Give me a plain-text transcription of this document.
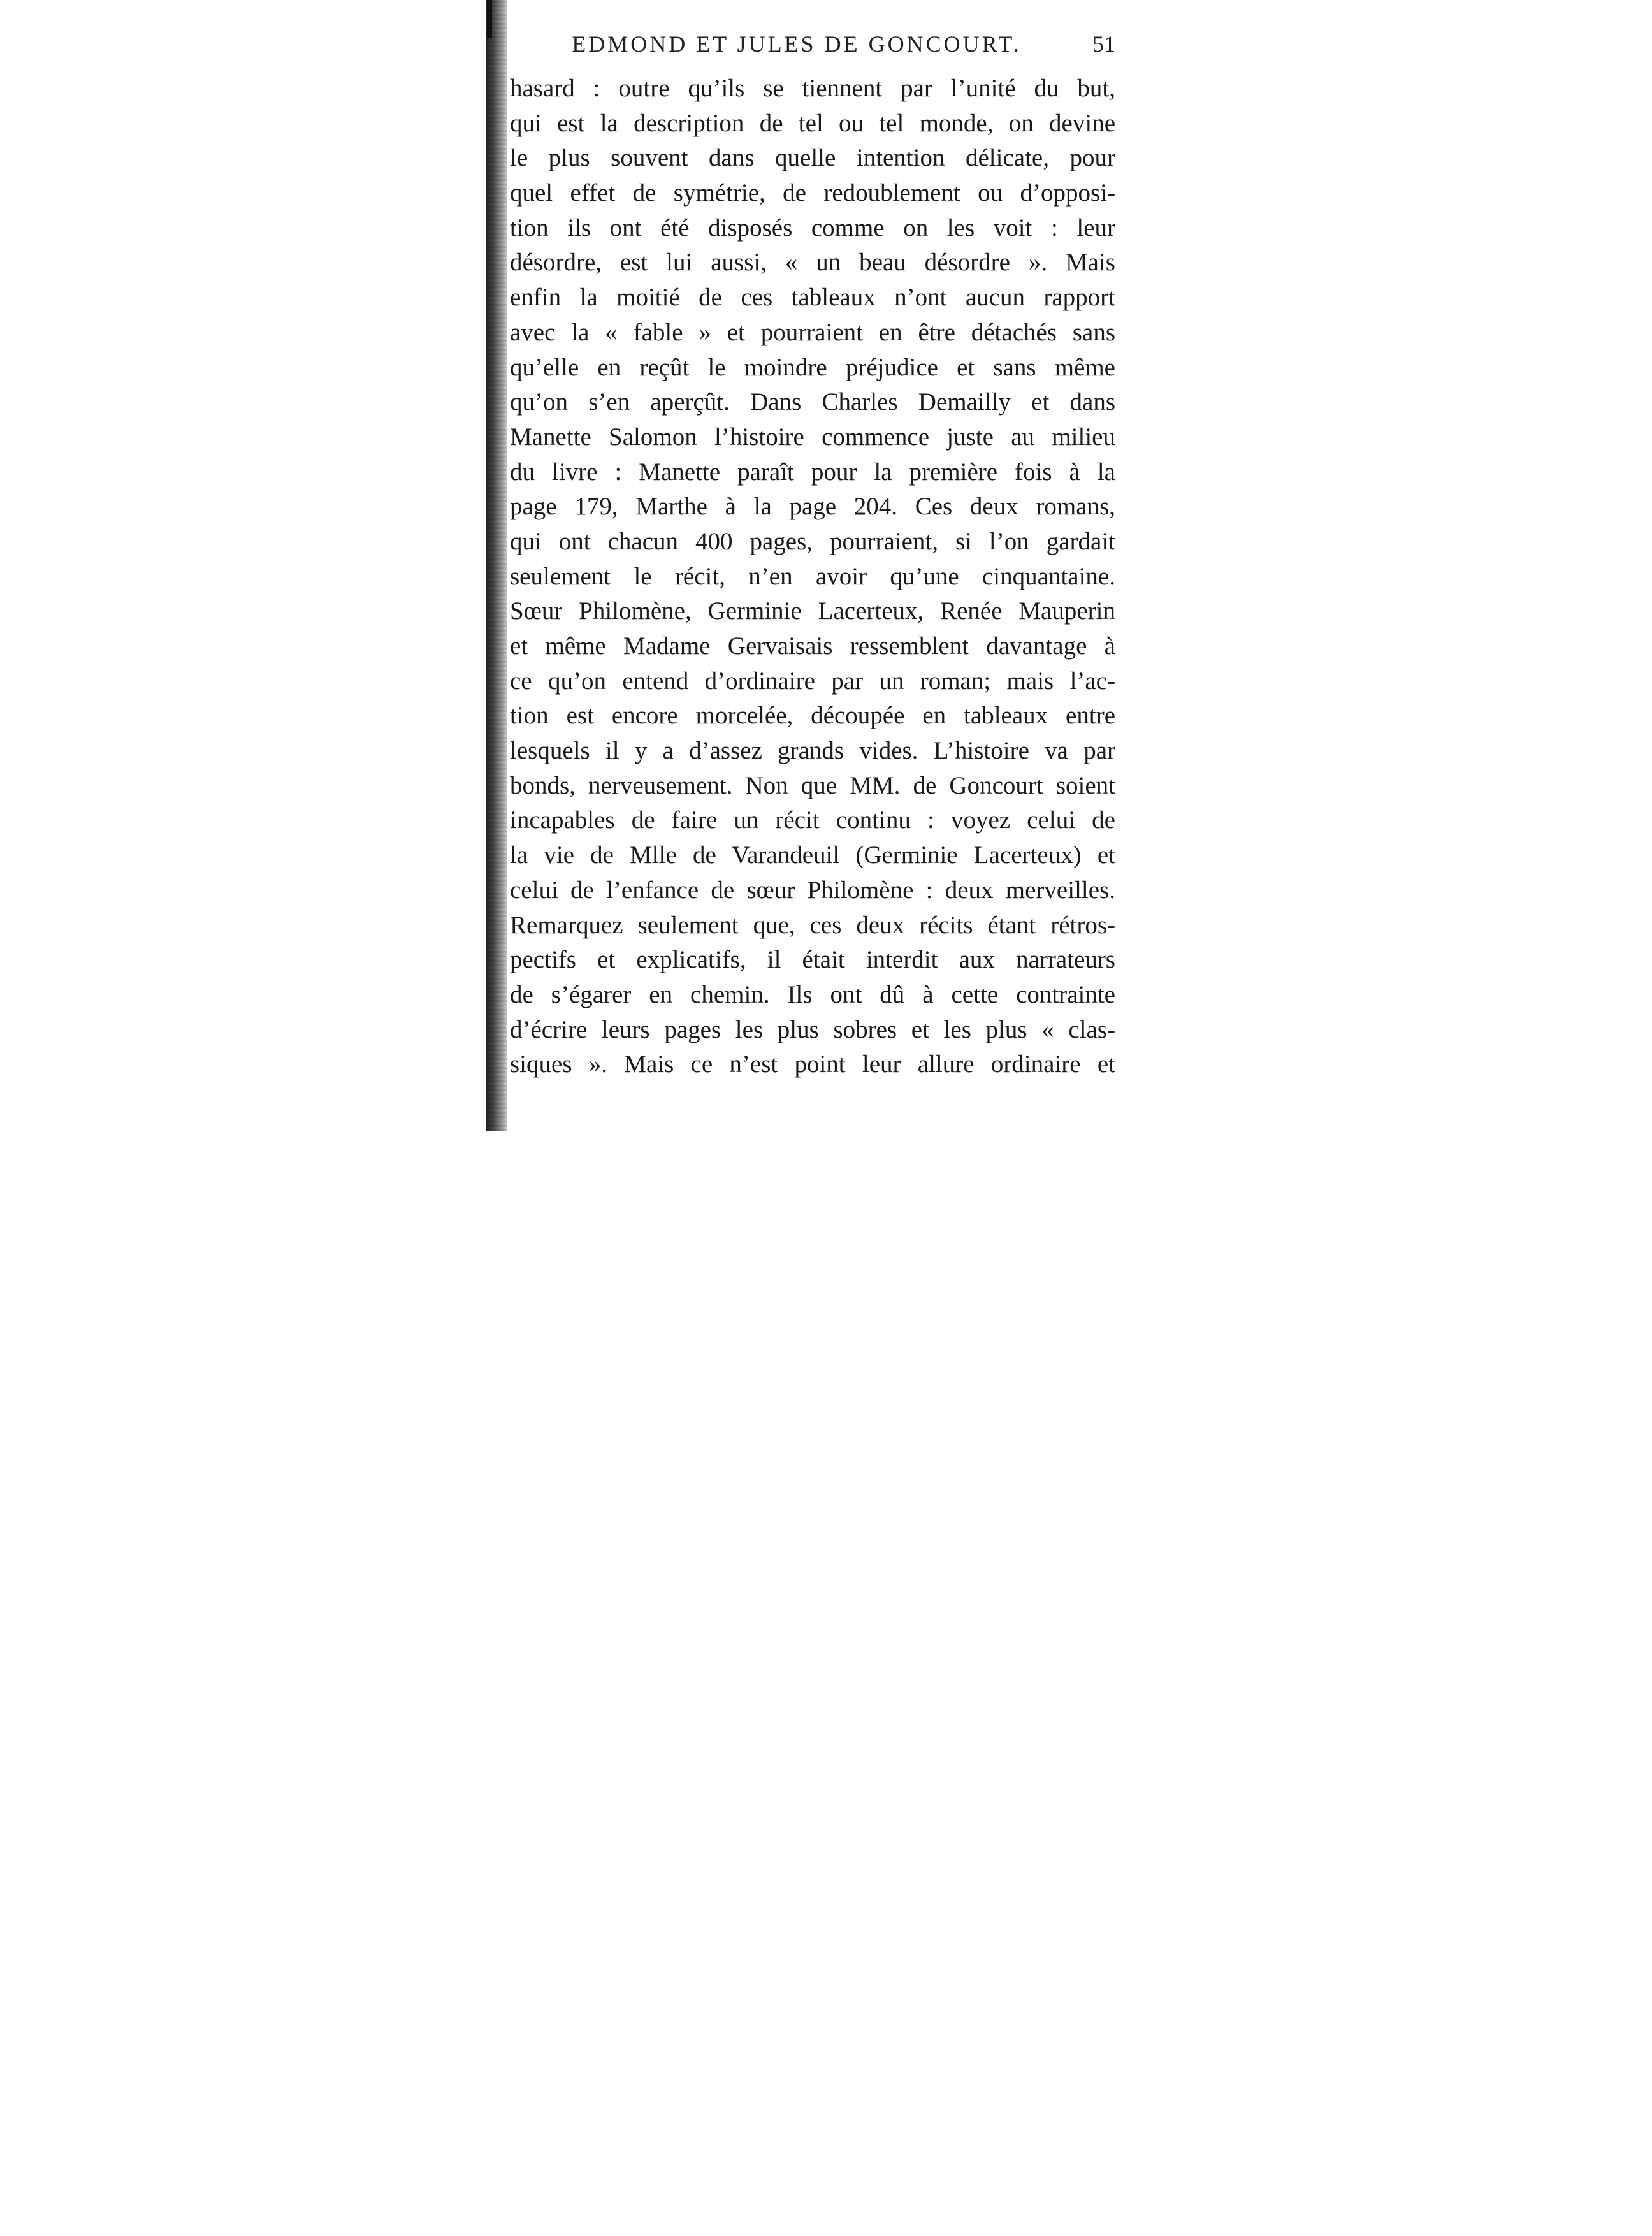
EDMOND ET JULES DE GONCOURT.	51
hasard : outre qu’ils se tiennent par l’unité du but,
qui est la description de tel ou tel monde, on devine
le plus souvent dans quelle intention délicate, pour
quel effet de symétrie, de redoublement ou d’opposi-
tion ils ont été disposés comme on les voit : leur
désordre, est lui aussi, « un beau désordre ». Mais
enfin la moitié de ces tableaux n’ont aucun rapport
avec la « fable » et pourraient en être détachés sans
qu’elle en reçût le moindre préjudice et sans même
qu’on s’en aperçût. Dans Charles Demailly et dans
Manette Salomon l’histoire commence juste au milieu
du livre : Manette paraît pour la première fois à la
page 179, Marthe à la page 204. Ces deux romans,
qui ont chacun 400 pages, pourraient, si l’on gardait
seulement le récit, n’en avoir qu’une cinquantaine.
Sœur Philomène, Germinie Lacerteux, Renée Mauperin
et même Madame Gervaisais ressemblent davantage à
ce qu’on entend d’ordinaire par un roman; mais l’ac-
tion est encore morcelée, découpée en tableaux entre
lesquels il y a d’assez grands vides. L’histoire va par
bonds, nerveusement. Non que MM. de Goncourt soient
incapables de faire un récit continu : voyez celui de
la vie de Mlle de Varandeuil (Germinie Lacerteux) et
celui de l’enfance de sœur Philomène : deux merveilles.
Remarquez seulement que, ces deux récits étant rétros-
pectifs et explicatifs, il était interdit aux narrateurs
de s’égarer en chemin. Ils ont dû à cette contrainte
d’écrire leurs pages les plus sobres et les plus « clas-
siques ». Mais ce n’est point leur allure ordinaire et
